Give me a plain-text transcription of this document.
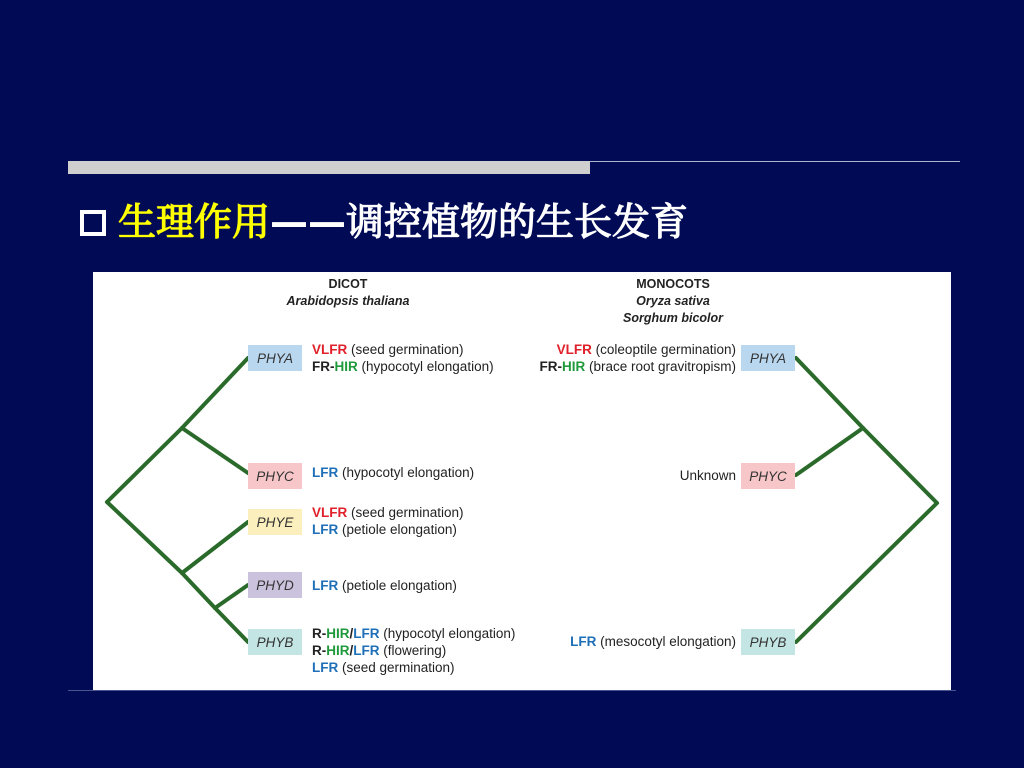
生理作用 —— 调控植物的生长发育
DICOT
Arabidopsis thaliana
MONOCOTS
Oryza sativa
Sorghum bicolor
PHYA
PHYC
PHYE
PHYD
PHYB
PHYA
PHYC
PHYB
VLFR (seed germination)
FR-HIR (hypocotyl elongation)
LFR (hypocotyl elongation)
VLFR (seed germination)
LFR (petiole elongation)
LFR (petiole elongation)
R-HIR/LFR (hypocotyl elongation)
R-HIR/LFR (flowering)
LFR (seed germination)
VLFR (coleoptile germination)
FR-HIR (brace root gravitropism)
Unknown
LFR (mesocotyl elongation)
